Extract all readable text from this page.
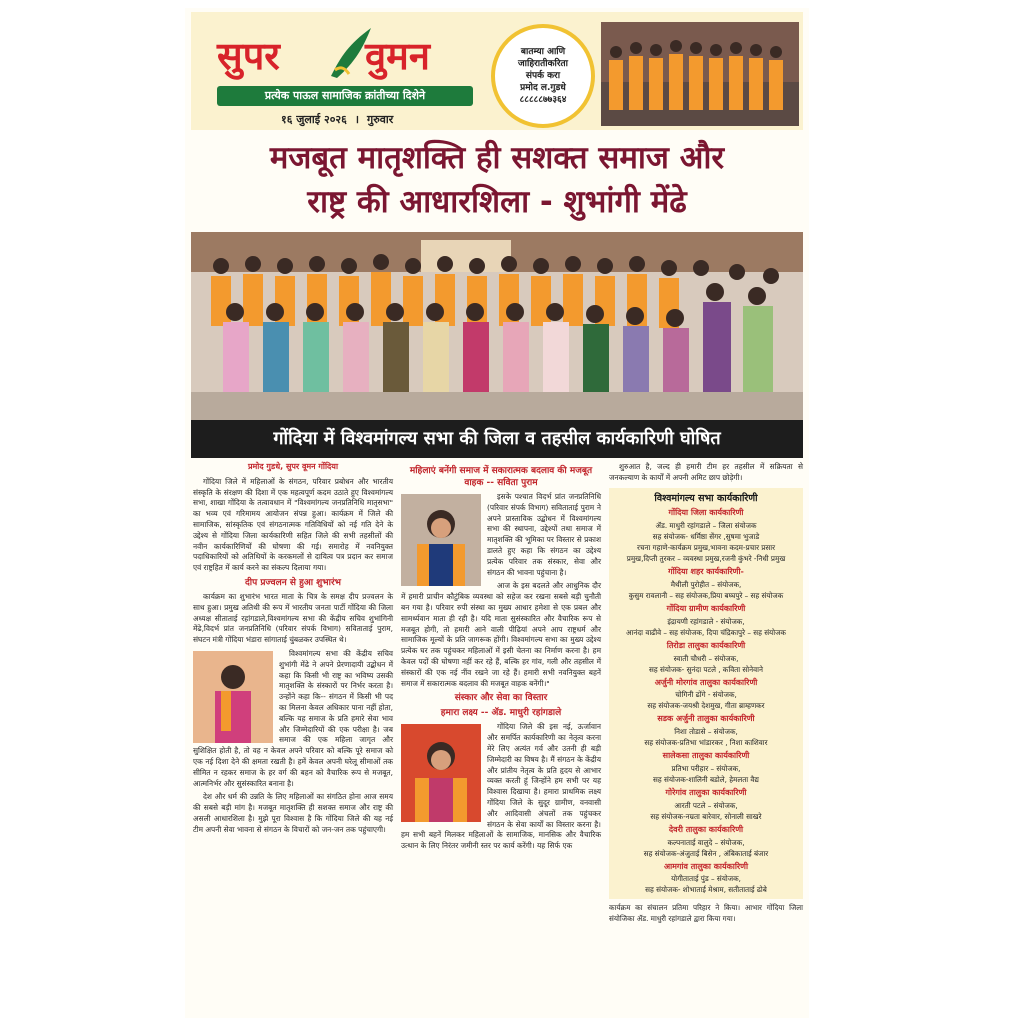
सुपर वुमन
प्रत्येक पाऊल सामाजिक क्रांतीच्या दिशेने
१६ जुलाई २०२६ । गुरुवार
बातम्या आणि
जाहिरातीकरिता
संपर्क करा
प्रमोद ल.गुडधे
८८८८८७७३६४
मजबूत मातृशक्ति ही सशक्त समाज और
राष्ट्र की आधारशिला - शुभांगी मेंढे
गोंदिया में विश्वमांगल्य सभा की जिला व तहसील कार्यकारिणी घोषित
प्रमोद गुडधे, सुपर वूमन गोंदिया

गोंदिया जिले में महिलाओं के संगठन, परिवार प्रबोधन और भारतीय संस्कृति के संरक्षण की दिशा में एक महत्वपूर्ण कदम उठाते हुए विश्वमांगल्य सभा, शाखा गोंदिया के तत्वावधान में "विश्वमांगल्य जनप्रतिनिधि मातृसभा" का भव्य एवं गरिमामय आयोजन संपन्न हुआ। कार्यक्रम में जिले की सामाजिक, सांस्कृतिक एवं संगठनात्मक गतिविधियों को नई गति देने के उद्देश्य से गोंदिया जिला कार्यकारिणी सहित जिले की सभी तहसीलों की नवीन कार्यकारिणियों की घोषणा की गई। समारोह में नवनियुक्त पदाधिकारियों को अतिथियों के करकमलों से दायित्व पत्र प्रदान कर समाज एवं राष्ट्रहित में कार्य करने का संकल्प दिलाया गया।

दीप प्रज्वलन से हुआ शुभारंभ

कार्यक्रम का शुभारंभ भारत माता के चित्र के समक्ष दीप प्रज्वलन के साथ हुआ। प्रमुख अतिथी की रूप में भारतीय जनता पार्टी गोंदिया की जिला अध्यक्ष सीताताई रहांगडाले,विश्वमांगल्य सभा की केंद्रीय सचिव शुभांगिनी मेंढे,विदर्भ प्रांत जनप्रतिनिधि (परिवार संपर्क विभाग) सविताताई पुराम, संघटन मंत्री गोंदिया भंडारा सांगाताई चुंबळकर उपस्थित थे।

विश्वमांगल्य सभा की केंद्रीय सचिव शुभांगी मेंढे ने अपने प्रेरणादायी उद्बोधन में कहा कि किसी भी राष्ट्र का भविष्य उसकी मातृशक्ति के संस्कारों पर निर्भर करता है।उन्होंने कहा कि-- संगठन में किसी भी पद का मिलना केवल अधिकार पाना नहीं होता, बल्कि यह समाज के प्रति हमारे सेवा भाव और जिम्मेदारियों की एक परीक्षा है। जब समाज की एक महिला जागृत और सुशिक्षित होती है, तो वह न केवल अपने परिवार को बल्कि पूरे समाज को एक नई दिशा देने की क्षमता रखती है। हमें केवल अपनी घरेलू सीमाओं तक सीमित न रहकर समाज के हर वर्ग की बहन को वैचारिक रूप से मजबूत, आत्मनिर्भर और सुसंस्कारित बनाना है।

देश और धर्म की उन्नति के लिए महिलाओं का संगठित होना आज समय की सबसे बड़ी मांग है। मजबूत मातृशक्ति ही सशक्त समाज और राष्ट्र की असली आधारशिला है। मुझे पूरा विश्वास है कि गोंदिया जिले की यह नई टीम अपनी सेवा भावना से संगठन के विचारों को जन-जन तक पहुंचाएगी।

महिलाएं बनेंगी समाज में सकारात्मक बदलाव की मजबूत वाहक -- सविता पुराम

इसके पश्चात विदर्भ प्रांत जनप्रतिनिधि (परिवार संपर्क विभाग) सविताताई पुराम ने अपने प्रास्ताविक उद्बोधन में विश्वमांगल्य सभा की स्थापना, उद्देश्यों तथा समाज में मातृशक्ति की भूमिका पर विस्तार से प्रकाश डालते हुए कहा कि संगठन का उद्देश्य प्रत्येक परिवार तक संस्कार, सेवा और संगठन की भावना पहुंचाना है।

आज के इस बदलते और आधुनिक दौर में हमारी प्राचीन कौटुंबिक व्यवस्था को सहेज कर रखना सबसे बड़ी चुनौती बन गया है। परिवार रुपी संस्था का मुख्य आधार हमेशा से एक प्रबल और सामर्थ्यवान माता ही रही है। यदि माता सुसंस्कारित और वैचारिक रूप से मजबूत होगी, तो हमारी आने वाली पीढ़ियां अपने आप राष्ट्रधर्म और सामाजिक मूल्यों के प्रति जागरूक होंगी। विश्वमांगल्य सभा का मुख्य उद्देश्य प्रत्येक घर तक पहुंचकर महिलाओं में इसी चेतना का निर्माण करना है। हम केवल पदों की घोषणा नहीं कर रहे हैं, बल्कि हर गांव, गली और तहसील में संस्कारों की एक नई नींव रखने जा रहे हैं। हमारी सभी नवनियुक्त बहनें समाज में सकारात्मक बदलाव की मजबूत वाहक बनेंगी।"

संस्कार और सेवा का विस्तार
हमारा लक्ष्य -- ॲड. माधुरी रहांगडाले

गोंदिया जिले की इस नई, ऊर्जावान और समर्पित कार्यकारिणी का नेतृत्व करना मेरे लिए अत्यंत गर्व और उतनी ही बड़ी जिम्मेदारी का विषय है। मैं संगठन के केंद्रीय और प्रांतीय नेतृत्व के प्रति हृदय से आभार व्यक्त करती हूं जिन्होंने हम सभी पर यह विश्वास दिखाया है। हमारा प्राथमिक लक्ष्य गोंदिया जिले के सुदूर ग्रामीण, वनवासी और आदिवासी अंचलों तक पहुंचकर संगठन के सेवा कार्यों का विस्तार करना है। हम सभी बहनें मिलकर महिलाओं के सामाजिक, मानसिक और वैचारिक उत्थान के लिए निरंतर जमीनी स्तर पर कार्य करेंगी। यह सिर्फ एक

शुरुआत है, जल्द ही हमारी टीम हर तहसील में सक्रियता से जनकल्याण के कार्यों में अपनी अमिट छाप छोड़ेगी।

विश्वमांगल्य सभा कार्यकारिणी
गोंदिया जिला कार्यकारिणी
ॲड. माधुरी रहांगडाले – जिला संयोजक
सह संयोजक- धर्मिष्ठा सेंगर ,सुषमा भुजाडे
रचना गहाणे-कार्यक्रम प्रमुख,भावना कदम-प्रचार प्रसार
प्रमुख,दिप्ती तुरकर – व्यवस्था प्रमुख,रजनी कुंभरे -निधी प्रमुख
गोंदिया शहर कार्यकारिणी-
मैथीली पुरोहीत – संयोजक,
कुसुम रावलानी – सह संयोजक,प्रिया बघ्घपुरे – सह संयोजक
गोंदिया ग्रामीण कार्यकारिणी
इंद्रायणी रहांगडाले - संयोजक,
आनंदा वाढीवे – सह संयोजक, दिपा चंद्रिकापुरे – सह संयोजक
तिरोडा तालुका कार्यकारिणी
स्वाती चौधरी – संयोजक,
सह संयोजक- सुनंदा पटले , कविता सोनेवाने
अर्जुनी मोरगांव तालुका कार्यकारिणी
चोगिनी ढोंगे - संयोजक,
सह संयोजक-जयश्री देशमुख, गीता ब्राम्हणकर
सडक अर्जुनी तालुका कार्यकारिणी
निशा तोडासे – संयोजक,
सह संयोजक-प्रतिभा भांडारकर , निशा काशिवार
सालेकसा तालुका कार्यकारिणी
प्रतिभा परीहार – संयोजक,
सह संयोजक-शालिनी बडोले, हेमलता वैद्य
गोरेगांव तालुका कार्यकारिणी
आरती पटले – संयोजक,
सह संयोजक-नम्रता बारेवार, सोनाली साखरे
देवरी तालुका कार्यकारिणी
कल्पनाताई वालुदे – संयोजक,
सह संयोजक-अंजुताई बिसेन , अंबिकाताई बंजार
आमगांव तालुका कार्यकारिणी
योगीताताई पुंड – संयोजक,
सह संयोजक- शोभाताई मेश्राम, सतीताताई ढोबे
कार्यक्रम का संचालन प्रतिमा परिहार ने किया। आभार गोंदिया जिला संयोजिका ॲड. माधुरी रहांगडाले द्वारा किया गया।
